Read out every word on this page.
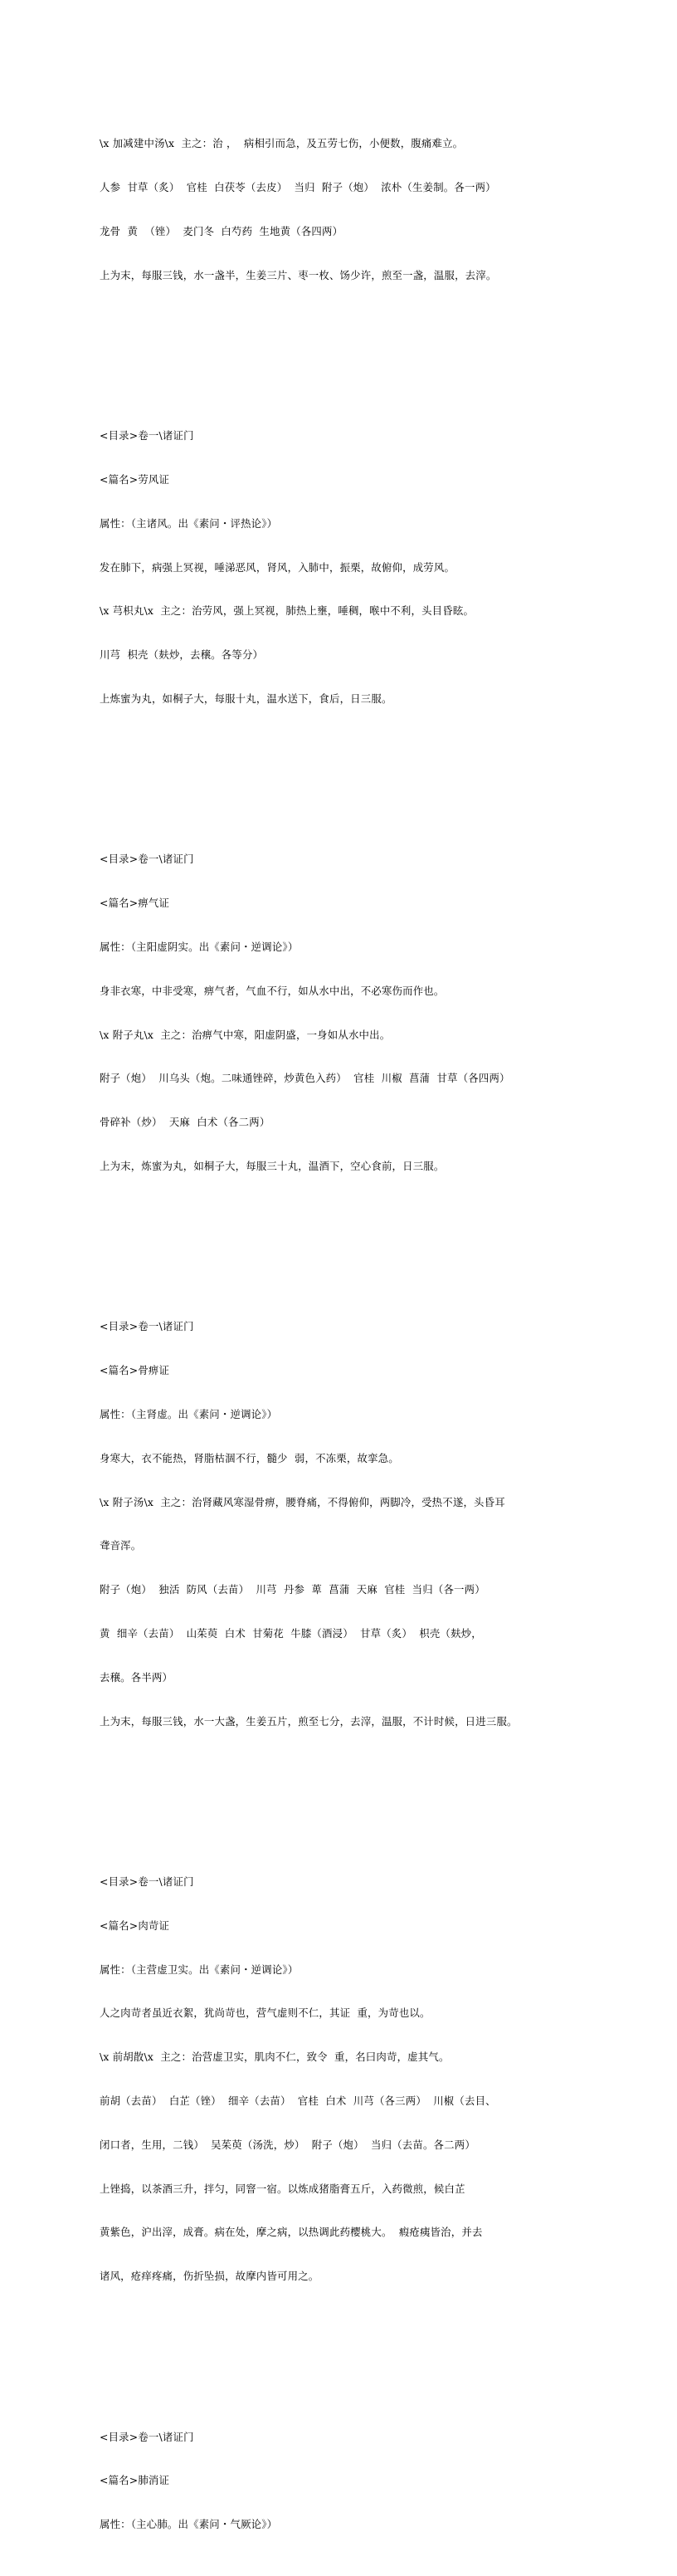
\x 加减建中汤\x  主之：治 ，  病相引而急，及五劳七伤，小便数，腹痛难立。

人参  甘草（炙）  官桂  白茯苓（去皮）  当归  附子（炮）  浓朴（生姜制。各一两）

龙骨  黄  （锉）  麦门冬  白芍药  生地黄（各四两）

上为末，每服三钱，水一盏半，生姜三片、枣一枚、饧少许，煎至一盏，温服，去滓。

<目录>卷一\诸证门

<篇名>劳风证

属性：（主诸风。出《素问・评热论》）

发在肺下，病强上冥视，唾涕恶风，肾风，入肺中，振栗，故俯仰，成劳风。

\x 芎枳丸\x  主之：治劳风，强上冥视，肺热上壅，唾稠，喉中不利，头目昏眩。

川芎  枳壳（麸炒，去穣。各等分）

上炼蜜为丸，如桐子大，每服十丸，温水送下，食后，日三服。

<目录>卷一\诸证门

<篇名>痹气证

属性：（主阳虚阴实。出《素问・逆调论》）

身非衣寒，中非受寒，痹气者，气血不行，如从水中出，不必寒伤而作也。

\x 附子丸\x  主之：治痹气中寒，阳虚阴盛，一身如从水中出。

附子（炮）  川乌头（炮。二味通锉碎，炒黄色入药）  官桂  川椒  菖蒲  甘草（各四两）

骨碎补（炒）  天麻  白术（各二两）

上为末，炼蜜为丸，如桐子大，每服三十丸，温酒下，空心食前，日三服。

<目录>卷一\诸证门

<篇名>骨痹证

属性：（主肾虚。出《素问・逆调论》）

身寒大，衣不能热，肾脂枯涸不行，髓少  弱，不冻栗，故挛急。

\x 附子汤\x  主之：治肾藏风寒湿骨痹，腰脊痛，不得俯仰，两脚冷，受热不遂，头昏耳

聋音浑。

附子（炮）  独活  防风（去苗）  川芎  丹参  萆  菖蒲  天麻  官桂  当归（各一两）

黄  细辛（去苗）  山茱萸  白术  甘菊花  牛膝（酒浸）  甘草（炙）  枳壳（麸炒，

去穣。各半两）

上为末，每服三钱，水一大盏，生姜五片，煎至七分，去滓，温服，不计时候，日进三服。

<目录>卷一\诸证门

<篇名>肉苛证

属性：（主营虚卫实。出《素问・逆调论》）

人之肉苛者虽近衣絮，犹尚苛也，营气虚则不仁，其证  重，为苛也以。

\x 前胡散\x  主之：治营虚卫实，肌肉不仁，致令  重，名曰肉苛，虚其气。

前胡（去苗）  白芷（锉）  细辛（去苗）  官桂  白术  川芎（各三两）  川椒（去目、

闭口者，生用，二钱）  吴茱萸（汤洗，炒）  附子（炮）  当归（去苗。各二两）

上锉捣，以茶酒三升，拌匀，同窨一宿。以炼成猪脂膏五斤，入药微煎，候白芷

黄紫色，沪出滓，成膏。病在处，摩之病，以热调此药樱桃大。  瘕疮痍皆治，并去

诸风，疮痒疼痛，伤折坠损，故摩内皆可用之。

<目录>卷一\诸证门

<篇名>肺消证

属性：（主心肺。出《素问・气厥论》）
